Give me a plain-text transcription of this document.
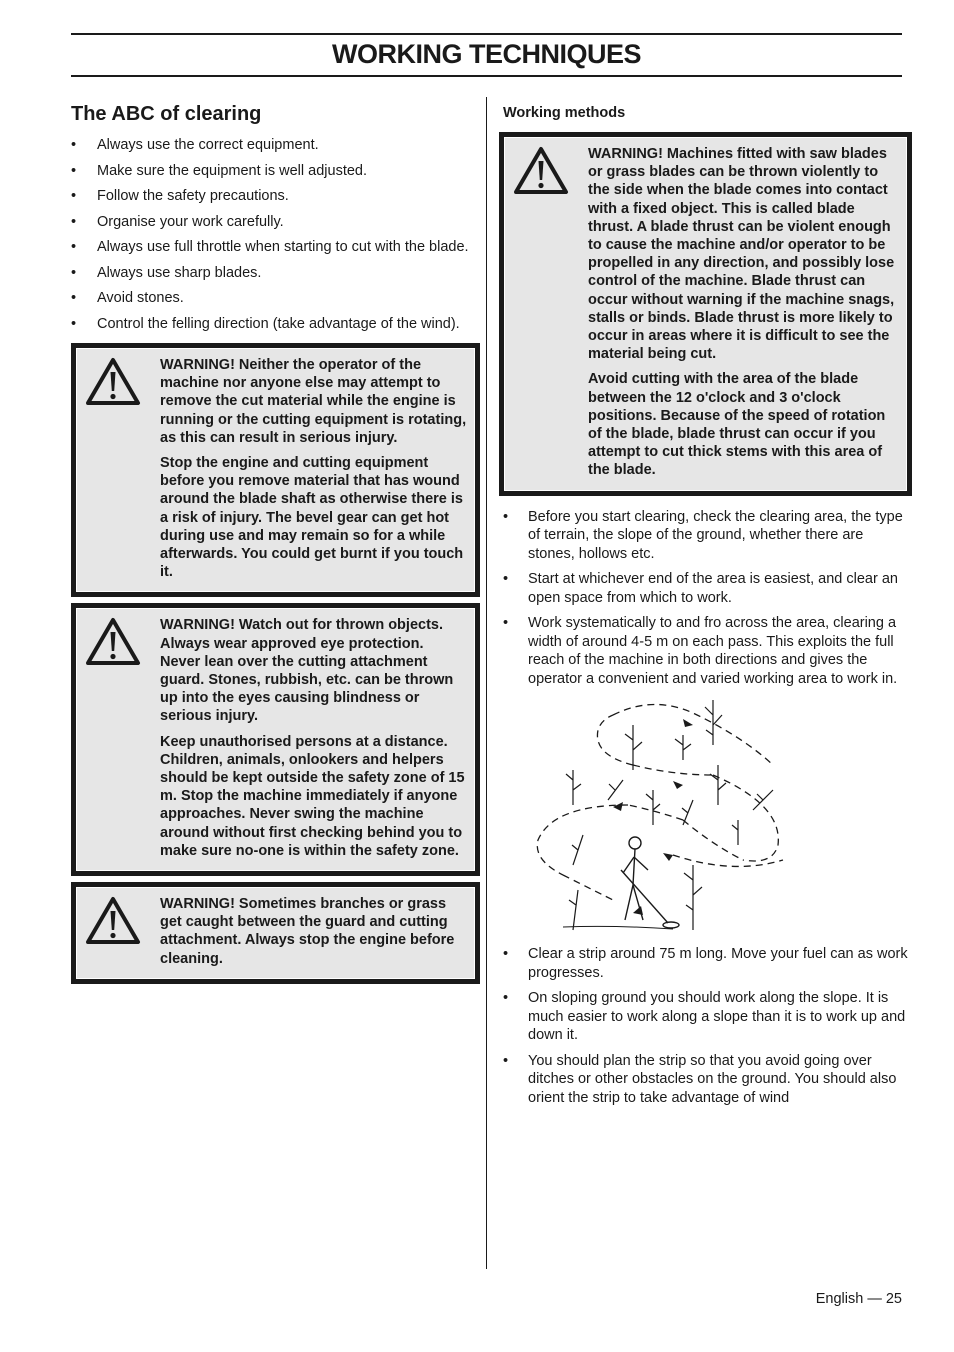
WORKING TECHNIQUES
The ABC of clearing
• Always use the correct equipment.
• Make sure the equipment is well adjusted.
• Follow the safety precautions.
• Organise your work carefully.
• Always use full throttle when starting to cut with the blade.
• Always use sharp blades.
• Avoid stones.
• Control the felling direction (take advantage of the wind).

WARNING! Neither the operator of the machine nor anyone else may attempt to remove the cut material while the engine is running or the cutting equipment is rotating, as this can result in serious injury.

Stop the engine and cutting equipment before you remove material that has wound around the blade shaft as otherwise there is a risk of injury. The bevel gear can get hot during use and may remain so for a while afterwards. You could get burnt if you touch it.

WARNING! Watch out for thrown objects. Always wear approved eye protection. Never lean over the cutting attachment guard. Stones, rubbish, etc. can be thrown up into the eyes causing blindness or serious injury.

Keep unauthorised persons at a distance. Children, animals, onlookers and helpers should be kept outside the safety zone of 15 m. Stop the machine immediately if anyone approaches. Never swing the machine around without first checking behind you to make sure no-one is within the safety zone.

WARNING! Sometimes branches or grass get caught between the guard and cutting attachment. Always stop the engine before cleaning.

Working methods

WARNING! Machines fitted with saw blades or grass blades can be thrown violently to the side when the blade comes into contact with a fixed object. This is called blade thrust. A blade thrust can be violent enough to cause the machine and/or operator to be propelled in any direction, and possibly lose control of the machine. Blade thrust can occur without warning if the machine snags, stalls or binds. Blade thrust is more likely to occur in areas where it is difficult to see the material being cut.

Avoid cutting with the area of the blade between the 12 o'clock and 3 o'clock positions. Because of the speed of rotation of the blade, blade thrust can occur if you attempt to cut thick stems with this area of the blade.

• Before you start clearing, check the clearing area, the type of terrain, the slope of the ground, whether there are stones, hollows etc.
• Start at whichever end of the area is easiest, and clear an open space from which to work.
• Work systematically to and fro across the area, clearing a width of around 4-5 m on each pass. This exploits the full reach of the machine in both directions and gives the operator a convenient and varied working area to work in.
• Clear a strip around 75 m long. Move your fuel can as work progresses.
• On sloping ground you should work along the slope. It is much easier to work along a slope than it is to work up and down it.
• You should plan the strip so that you avoid going over ditches or other obstacles on the ground. You should also orient the strip to take advantage of wind
English — 25
